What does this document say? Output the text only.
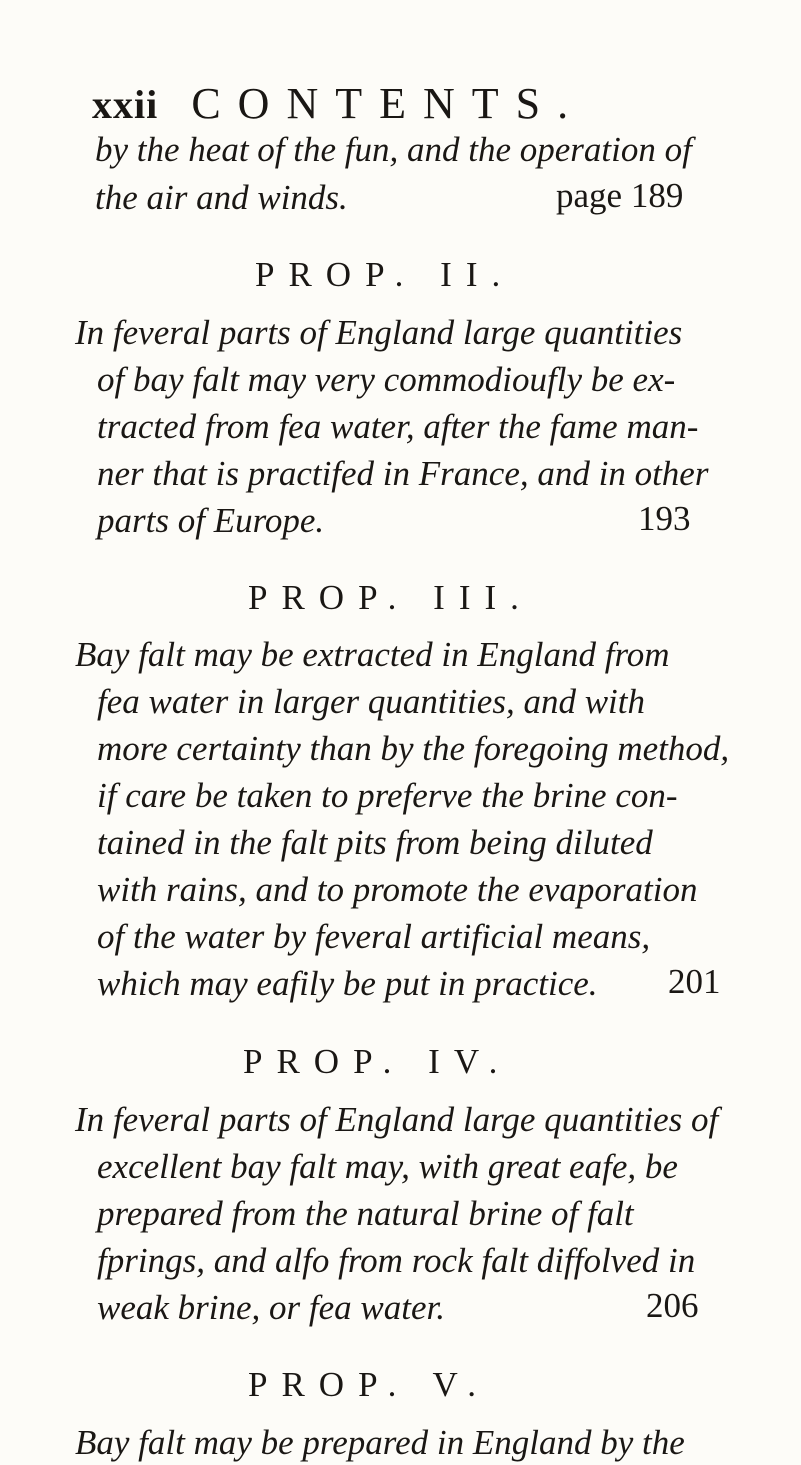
xxii CONTENTS.
by the heat of the fun, and the operation of
the air and winds.	page 189
PROP. II.
In feveral parts of England large quantities
of bay falt may very commodioufly be ex-
tracted from fea water, after the fame man-
ner that is practifed in France, and in other
parts of Europe.	193
PROP. III.
Bay falt may be extracted in England from
fea water in larger quantities, and with
more certainty than by the foregoing method,
if care be taken to preferve the brine con-
tained in the falt pits from being diluted
with rains, and to promote the evaporation
of the water by feveral artificial means,
which may eafily be put in practice. 201
PROP. IV.
In feveral parts of England large quantities of
excellent bay falt may, with great eafe, be
prepared from the natural brine of falt
fprings, and alfo from rock falt diffolved in
weak brine, or fea water.	206
PROP. V.
Bay falt may be prepared in England by the
